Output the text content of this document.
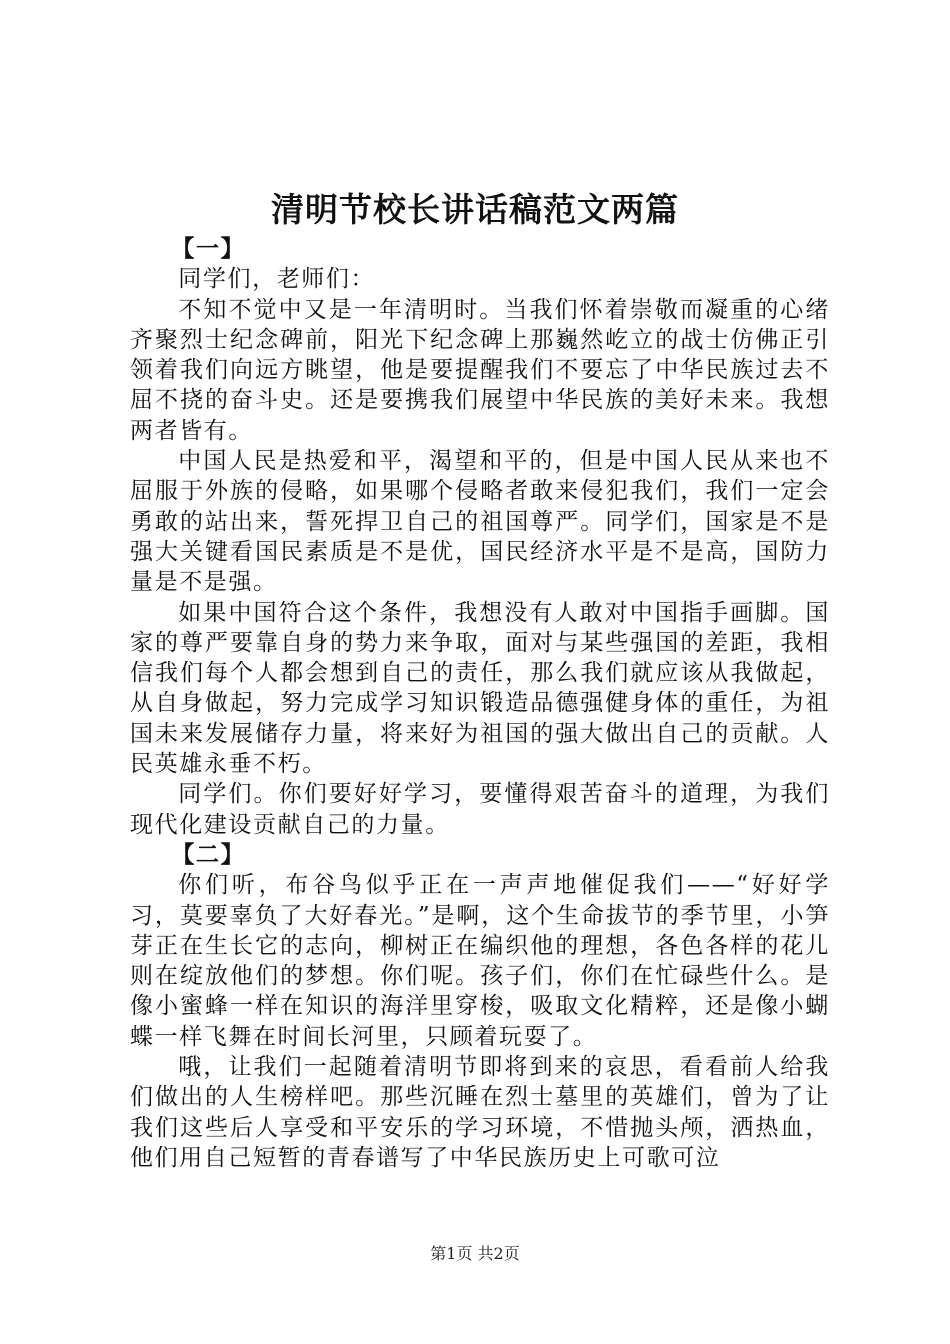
清明节校长讲话稿范文两篇

【一】

同学们，老师们：

不知不觉中又是一年清明时。当我们怀着崇敬而凝重的心绪齐聚烈士纪念碑前，阳光下纪念碑上那巍然屹立的战士仿佛正引领着我们向远方眺望，他是要提醒我们不要忘了中华民族过去不屈不挠的奋斗史。还是要携我们展望中华民族的美好未来。我想两者皆有。

中国人民是热爱和平，渴望和平的，但是中国人民从来也不屈服于外族的侵略，如果哪个侵略者敢来侵犯我们，我们一定会勇敢的站出来，誓死捍卫自己的祖国尊严。同学们，国家是不是强大关键看国民素质是不是优，国民经济水平是不是高，国防力量是不是强。

如果中国符合这个条件，我想没有人敢对中国指手画脚。国家的尊严要靠自身的势力来争取，面对与某些强国的差距，我相信我们每个人都会想到自己的责任，那么我们就应该从我做起，从自身做起，努力完成学习知识锻造品德强健身体的重任，为祖国未来发展储存力量，将来好为祖国的强大做出自己的贡献。人民英雄永垂不朽。

同学们。你们要好好学习，要懂得艰苦奋斗的道理，为我们现代化建设贡献自己的力量。

【二】

你们听，布谷鸟似乎正在一声声地催促我们——“好好学习，莫要辜负了大好春光。”是啊，这个生命拔节的季节里，小笋芽正在生长它的志向，柳树正在编织他的理想，各色各样的花儿则在绽放他们的梦想。你们呢。孩子们，你们在忙碌些什么。是像小蜜蜂一样在知识的海洋里穿梭，吸取文化精粹，还是像小蝴蝶一样飞舞在时间长河里，只顾着玩耍了。

哦，让我们一起随着清明节即将到来的哀思，看看前人给我们做出的人生榜样吧。那些沉睡在烈士墓里的英雄们，曾为了让我们这些后人享受和平安乐的学习环境，不惜抛头颅，洒热血，他们用自己短暂的青春谱写了中华民族历史上可歌可泣

第1页 共2页
